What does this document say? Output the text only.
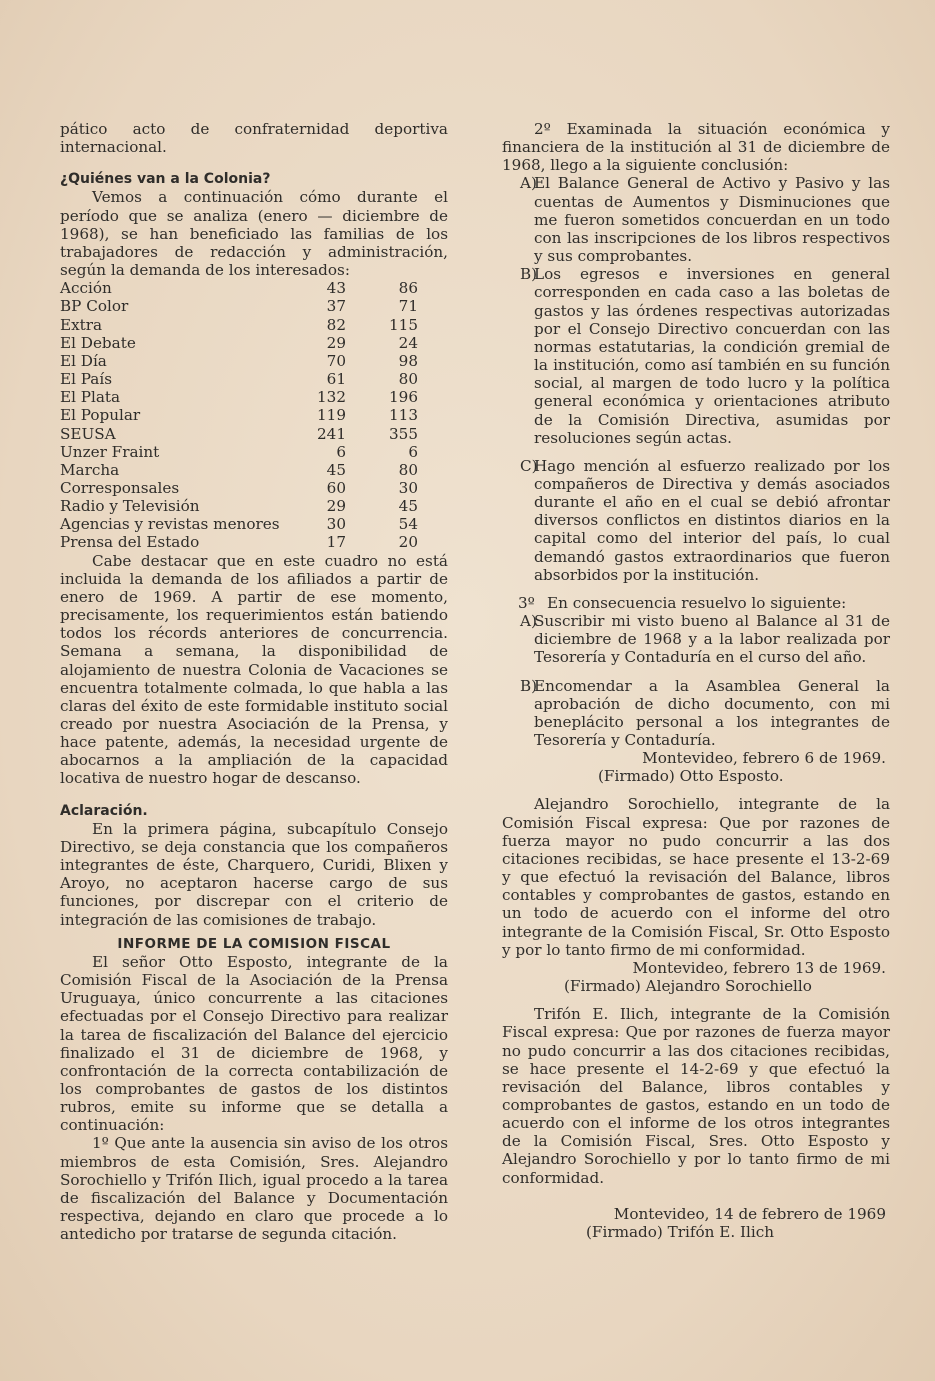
pático acto de confraternidad deportiva internacional.

¿Quiénes van a la Colonia?

Vemos a continuación cómo durante el período que se analiza (enero — diciembre de 1968), se han beneficiado las familias de los trabajadores de redacción y administración, según la demanda de los interesados:

Acción	43	86
BP Color	37	71
Extra	82	115
El Debate	29	24
El Día	70	98
El País	61	80
El Plata	132	196
El Popular	119	113
SEUSA	241	355
Unzer Fraint	6	6
Marcha	45	80
Corresponsales	60	30
Radio y Televisión	29	45
Agencias y revistas menores	30	54
Prensa del Estado	17	20

Cabe destacar que en este cuadro no está incluida la demanda de los afiliados a partir de enero de 1969. A partir de ese momento, precisamente, los requerimientos están batiendo todos los récords anteriores de concurrencia. Semana a semana, la disponibilidad de alojamiento de nuestra Colonia de Vacaciones se encuentra totalmente colmada, lo que habla a las claras del éxito de este formidable instituto social creado por nuestra Asociación de la Prensa, y hace patente, además, la necesidad urgente de abocarnos a la ampliación de la capacidad locativa de nuestro hogar de descanso.

Aclaración.

En la primera página, subcapítulo Consejo Directivo, se deja constancia que los compañeros integrantes de éste, Charquero, Curidi, Blixen y Aroyo, no aceptaron hacerse cargo de sus funciones, por discrepar con el criterio de integración de las comisiones de trabajo.

INFORME DE LA COMISION FISCAL

El señor Otto Esposto, integrante de la Comisión Fiscal de la Asociación de la Prensa Uruguaya, único concurrente a las citaciones efectuadas por el Consejo Directivo para realizar la tarea de fiscalización del Balance del ejercicio finalizado el 31 de diciembre de 1968, y confrontación de la correcta contabilización de los comprobantes de gastos de los distintos rubros, emite su informe que se detalla a continuación:

1º Que ante la ausencia sin aviso de los otros miembros de esta Comisión, Sres. Alejandro Sorochiello y Trifón Ilich, igual procedo a la tarea de fiscalización del Balance y Documentación respectiva, dejando en claro que procede a lo antedicho por tratarse de segunda citación.

2º Examinada la situación económica y financiera de la institución al 31 de diciembre de 1968, llego a la siguiente conclusión:

A)
El Balance General de Activo y Pasivo y las cuentas de Aumentos y Disminuciones que me fueron sometidos concuerdan en un todo con las inscripciones de los libros respectivos y sus comprobantes.
B)
Los egresos e inversiones en general corresponden en cada caso a las boletas de gastos y las órdenes respectivas autorizadas por el Consejo Directivo concuerdan con las normas estatutarias, la condición gremial de la institución, como así también en su función social, al margen de todo lucro y la política general económica y orientaciones atributo de la Comisión Directiva, asumidas por resoluciones según actas.
C)
Hago mención al esfuerzo realizado por los compañeros de Directiva y demás asociados durante el año en el cual se debió afrontar diversos conflictos en distintos diarios en la capital como del interior del país, lo cual demandó gastos extraordinarios que fueron absorbidos por la institución.
3º En consecuencia resuelvo lo siguiente:
A)
Suscribir mi visto bueno al Balance al 31 de diciembre de 1968 y a la labor realizada por Tesorería y Contaduría en el curso del año.
B)
Encomendar a la Asamblea General la aprobación de dicho documento, con mi beneplácito personal a los integrantes de Tesorería y Contaduría.
Montevideo, febrero 6 de 1969.
(Firmado) Otto Esposto.

Alejandro Sorochiello, integrante de la Comisión Fiscal expresa: Que por razones de fuerza mayor no pudo concurrir a las dos citaciones recibidas, se hace presente el 13-2-69 y que efectuó la revisación del Balance, libros contables y comprobantes de gastos, estando en un todo de acuerdo con el informe del otro integrante de la Comisión Fiscal, Sr. Otto Esposto y por lo tanto firmo de mi conformidad.

Montevideo, febrero 13 de 1969.
(Firmado) Alejandro Sorochiello

Trifón E. Ilich, integrante de la Comisión Fiscal expresa: Que por razones de fuerza mayor no pudo concurrir a las dos citaciones recibidas, se hace presente el 14-2-69 y que efectuó la revisación del Balance, libros contables y comprobantes de gastos, estando en un todo de acuerdo con el informe de los otros integrantes de la Comisión Fiscal, Sres. Otto Esposto y Alejandro Sorochiello y por lo tanto firmo de mi conformidad.

Montevideo, 14 de febrero de 1969
(Firmado) Trifón E. Ilich
